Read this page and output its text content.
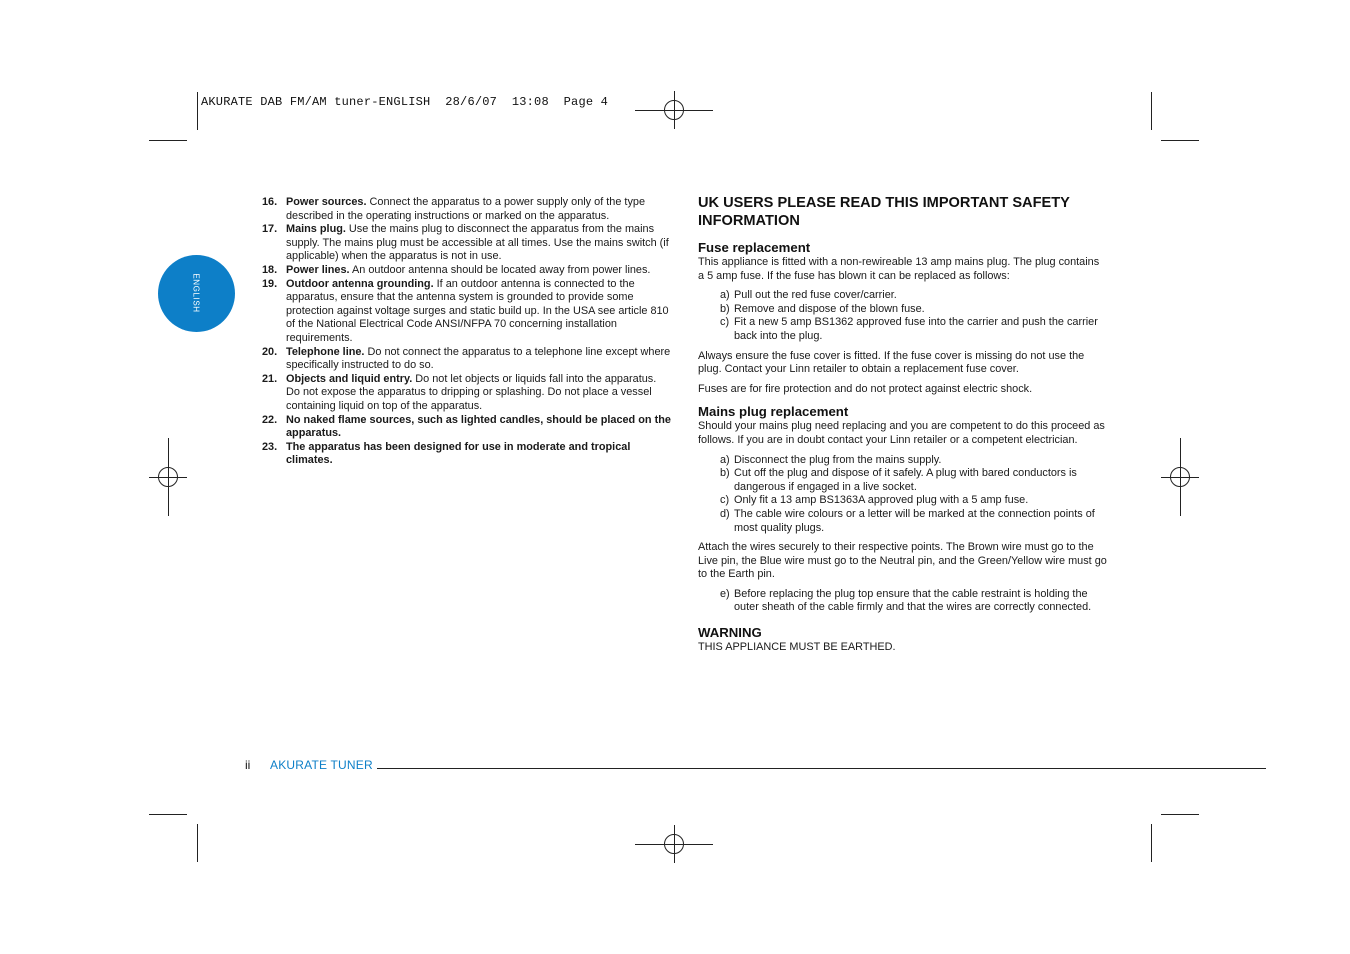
AKURATE DAB FM/AM tuner-ENGLISH  28/6/07  13:08  Page 4
ENGLISH
16. Power sources. Connect the apparatus to a power supply only of the type described in the operating instructions or marked on the apparatus.
17. Mains plug. Use the mains plug to disconnect the apparatus from the mains supply. The mains plug must be accessible at all times. Use the mains switch (if applicable) when the apparatus is not in use.
18. Power lines. An outdoor antenna should be located away from power lines.
19. Outdoor antenna grounding. If an outdoor antenna is connected to the apparatus, ensure that the antenna system is grounded to provide some protection against voltage surges and static build up. In the USA see article 810 of the National Electrical Code ANSI/NFPA 70 concerning installation requirements.
20. Telephone line. Do not connect the apparatus to a telephone line except where specifically instructed to do so.
21. Objects and liquid entry. Do not let objects or liquids fall into the apparatus. Do not expose the apparatus to dripping or splashing. Do not place a vessel containing liquid on top of the apparatus.
22. No naked flame sources, such as lighted candles, should be placed on the apparatus.
23. The apparatus has been designed for use in moderate and tropical climates.
UK USERS PLEASE READ THIS IMPORTANT SAFETY INFORMATION
Fuse replacement

This appliance is fitted with a non-rewireable 13 amp mains plug. The plug contains a 5 amp fuse. If the fuse has blown it can be replaced as follows:

a) Pull out the red fuse cover/carrier.
b) Remove and dispose of the blown fuse.
c) Fit a new 5 amp BS1362 approved fuse into the carrier and push the carrier back into the plug.

Always ensure the fuse cover is fitted. If the fuse cover is missing do not use the plug. Contact your Linn retailer to obtain a replacement fuse cover.

Fuses are for fire protection and do not protect against electric shock.

Mains plug replacement

Should your mains plug need replacing and you are competent to do this proceed as follows. If you are in doubt contact your Linn retailer or a competent electrician.

a) Disconnect the plug from the mains supply.
b) Cut off the plug and dispose of it safely. A plug with bared conductors is dangerous if engaged in a live socket.
c) Only fit a 13 amp BS1363A approved plug with a 5 amp fuse.
d) The cable wire colours or a letter will be marked at the connection points of most quality plugs.

Attach the wires securely to their respective points. The Brown wire must go to the Live pin, the Blue wire must go to the Neutral pin, and the Green/Yellow wire must go to the Earth pin.

e) Before replacing the plug top ensure that the cable restraint is holding the outer sheath of the cable firmly and that the wires are correctly connected.
WARNING

THIS APPLIANCE MUST BE EARTHED.

ii AKURATE TUNER
